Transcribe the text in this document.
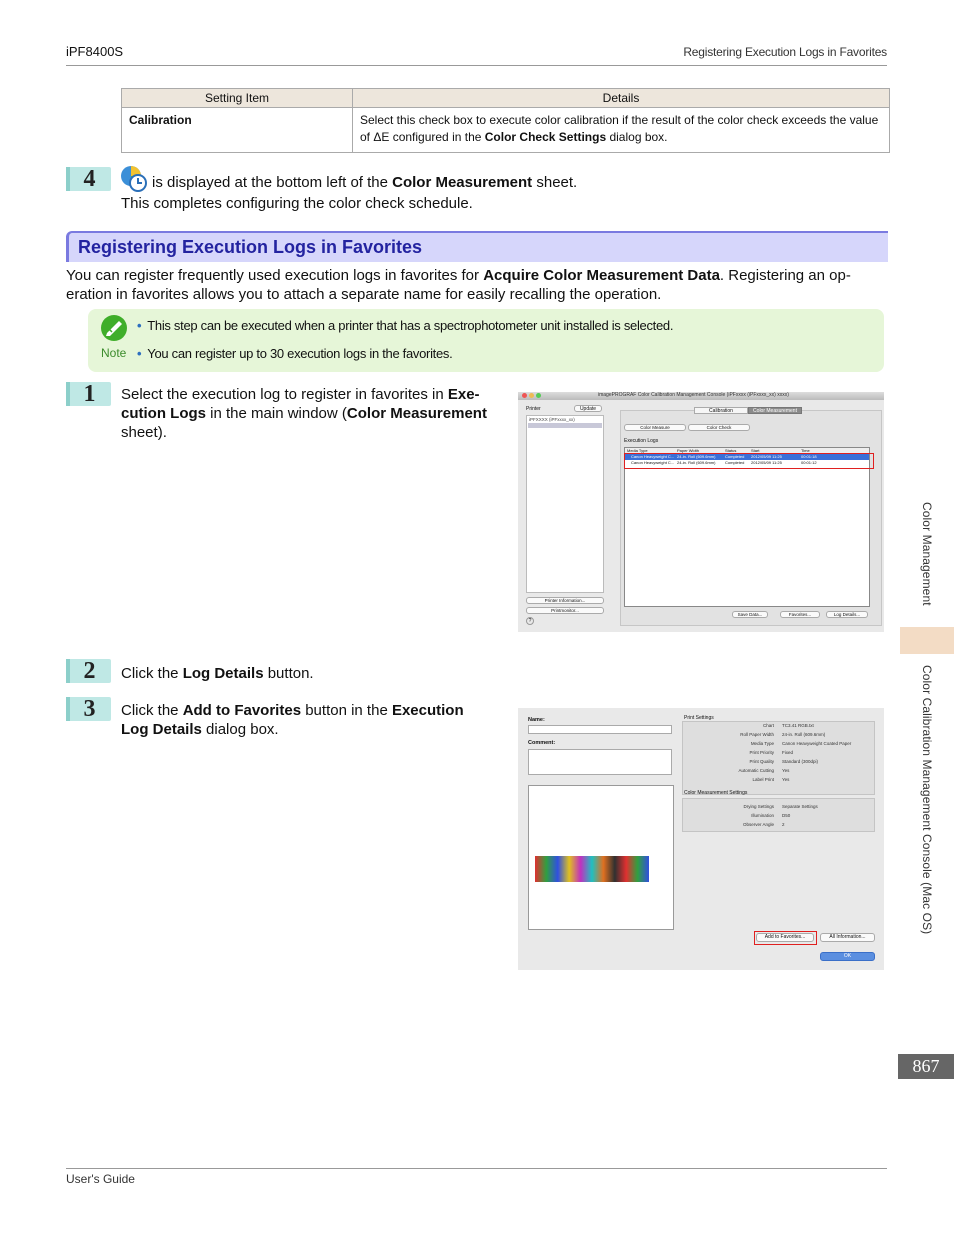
iPF8400S	Registering Execution Logs in Favorites
Setting Item	Details
Calibration	Select this check box to execute color calibration if the result of the color check exceeds the value of ΔE configured in the Color Check Settings dialog box.
4	is displayed at the bottom left of the Color Measurement sheet.
This completes configuring the color check schedule.
Registering Execution Logs in Favorites
You can register frequently used execution logs in favorites for Acquire Color Measurement Data. Registering an op-
eration in favorites allows you to attach a separate name for easily recalling the operation.
Note
• This step can be executed when a printer that has a spectrophotometer unit installed is selected.
• You can register up to 30 execution logs in the favorites.
1	Select the execution log to register in favorites in Exe-
cution Logs in the main window (Color Measurement
sheet).
imagePROGRAF Color Calibration Management Console (iPFxxxx (iPFxxxx_xx) xxxx)
Printer	Update
iPFXXXX (iPFxxxx_xx)
Printer Information...
Printmonitor...
?
Calibration	Color Measurement
Color Measure	Color Check
Execution Logs
Media Type	Paper Width	Status	Start	Time
Canon Heavyweight C... 24-in. Roll (609.6mm)	Completed	2012/05/09 11:25	00:01:18
Canon Heavyweight C... 24-in. Roll (609.6mm)	Completed	2012/05/09 11:25	00:01:12
Save Data...	Favorites...	Log Details...
2	Click the Log Details button.
3	Click the Add to Favorites button in the Execution
Log Details dialog box.
Name:
Comment:
Print Settings
Color Measurement Settings
Add to Favorites...	All Information...
OK
Chart TC3.41 RGB.txt
Roll Paper Width 24-in. Roll (609.6mm)
Media Type Canon Heavyweight Coated Paper
Print Priority Fixed
Print Quality Standard (300dpi)
Automatic Cutting Yes
Label Print Yes
Drying Settings Separate Settings
Illumination D50
Observer Angle 2
Color Management
Color Calibration Management Console (Mac OS)
867
User's Guide
